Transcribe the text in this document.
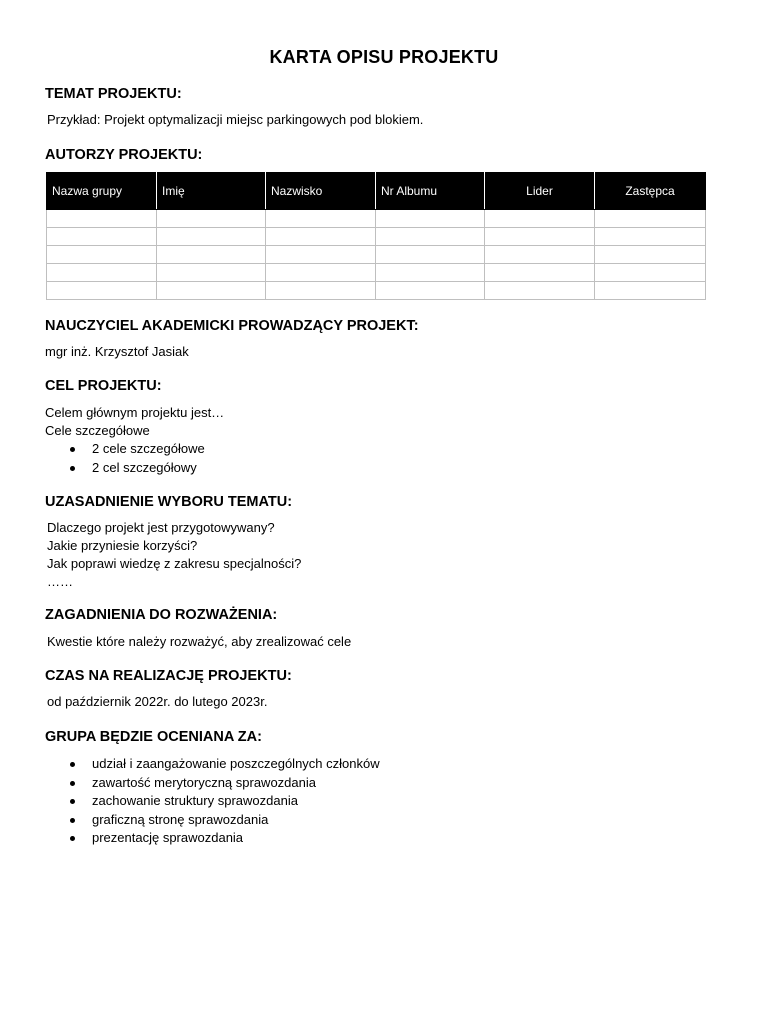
KARTA OPISU PROJEKTU
TEMAT PROJEKTU:
Przykład: Projekt optymalizacji miejsc parkingowych pod blokiem.
AUTORZY PROJEKTU:
Nazwa grupy	Imię	Nazwisko	Nr Albumu	Lider	Zastępca

NAUCZYCIEL AKADEMICKI PROWADZĄCY PROJEKT:
mgr inż. Krzysztof Jasiak
CEL PROJEKTU:
Celem głównym projektu jest…
Cele szczegółowe
2 cele szczegółowe
2 cel szczegółowy
UZASADNIENIE WYBORU TEMATU:
Dlaczego projekt jest przygotowywany?
Jakie przyniesie korzyści?
Jak poprawi wiedzę z zakresu specjalności?
……
ZAGADNIENIA DO ROZWAŻENIA:
Kwestie które należy rozważyć, aby zrealizować cele
CZAS NA REALIZACJĘ PROJEKTU:
od październik 2022r. do lutego 2023r.
GRUPA BĘDZIE OCENIANA ZA:
udział i zaangażowanie poszczególnych członków
zawartość merytoryczną sprawozdania
zachowanie struktury sprawozdania
graficzną stronę sprawozdania
prezentację sprawozdania
